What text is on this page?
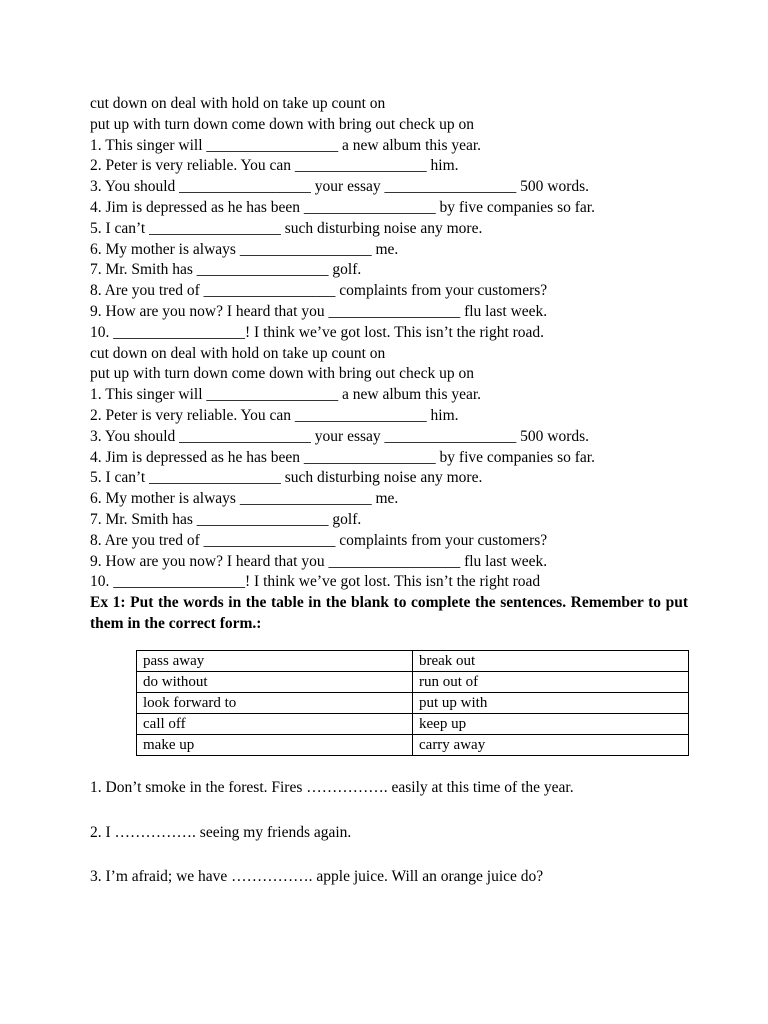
cut down on deal with hold on take up count on
put up with turn down come down with bring out check up on
1. This singer will _________________ a new album this year.
2. Peter is very reliable. You can _________________ him.
3. You should _________________ your essay _________________ 500 words.
4. Jim is depressed as he has been _________________ by five companies so far.
5. I can’t _________________ such disturbing noise any more.
6. My mother is always _________________ me.
7. Mr. Smith has _________________ golf.
8. Are you tred of _________________ complaints from your customers?
9. How are you now? I heard that you _________________ flu last week.
10. _________________! I think we’ve got lost. This isn’t the right road.
cut down on deal with hold on take up count on
put up with turn down come down with bring out check up on
1. This singer will _________________ a new album this year.
2. Peter is very reliable. You can _________________ him.
3. You should _________________ your essay _________________ 500 words.
4. Jim is depressed as he has been _________________ by five companies so far.
5. I can’t _________________ such disturbing noise any more.
6. My mother is always _________________ me.
7. Mr. Smith has _________________ golf.
8. Are you tred of _________________ complaints from your customers?
9. How are you now? I heard that you _________________ flu last week.
10. _________________! I think we’ve got lost. This isn’t the right road
Ex 1: Put the words in the table in the blank to complete the sentences. Remember to put them in the correct form.:
pass away	break out
do without	run out of
look forward to	put up with
call off	keep up
make up	carry away
1. Don’t smoke in the forest. Fires ……………. easily at this time of the year.
2. I ……………. seeing my friends again.
3. I’m afraid; we have ……………. apple juice. Will an orange juice do?
